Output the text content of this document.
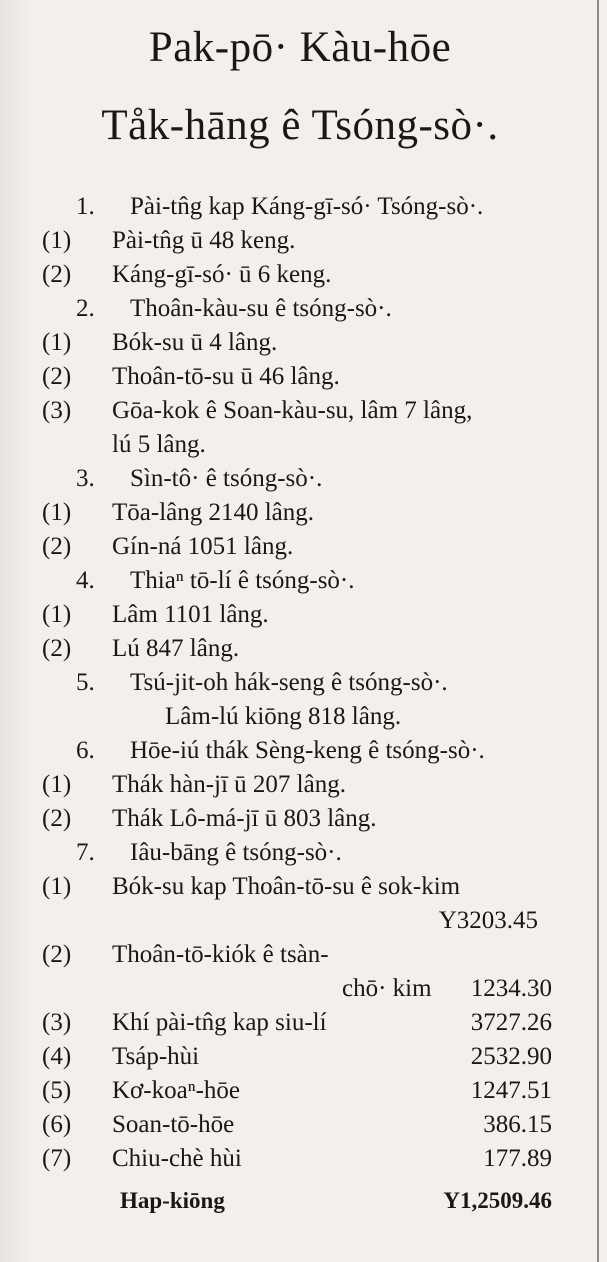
Pak-pō· Kàu-hōe
Tåk-hāng ê Tsóng-sò·.
1.	Pài-tn̂g kap Káng-gī-só· Tsóng-sò·.
(1)	Pài-tn̂g ū 48 keng.
(2)	Káng-gī-só· ū 6 keng.
2.	Thoân-kàu-su ê tsóng-sò·.
(1)	Bók-su ū 4 lâng.
(2)	Thoân-tō-su ū 46 lâng.
(3)	Gōa-kok ê Soan-kàu-su, lâm 7 lâng,
lú 5 lâng.
3.	Sìn-tô· ê tsóng-sò·.
(1)	Tōa-lâng 2140 lâng.
(2)	Gín-ná 1051 lâng.
4.	Thiaⁿ tō-lí ê tsóng-sò·.
(1)	Lâm 1101 lâng.
(2)	Lú 847 lâng.
5.	Tsú-jit-oh hák-seng ê tsóng-sò·.
Lâm-lú kiōng 818 lâng.
6.	Hōe-iú thák Sèng-keng ê tsóng-sò·.
(1)	Thák hàn-jī ū 207 lâng.
(2)	Thák Lô-má-jī ū 803 lâng.
7.	Iâu-bāng ê tsóng-sò·.
(1)	Bók-su kap Thoân-tō-su ê sok-kim
Y3203.45
(2)	Thoân-tō-kiók ê tsàn-
chō· kim 1234.30
(3)	Khí pài-tn̂g kap siu-lí	3727.26
(4)	Tsáp-hùi	2532.90
(5)	Kơ-koaⁿ-hōe	1247.51
(6)	Soan-tō-hōe	386.15
(7)	Chiu-chè hùi	177.89
Hap-kiōng	Y1,2509.46
